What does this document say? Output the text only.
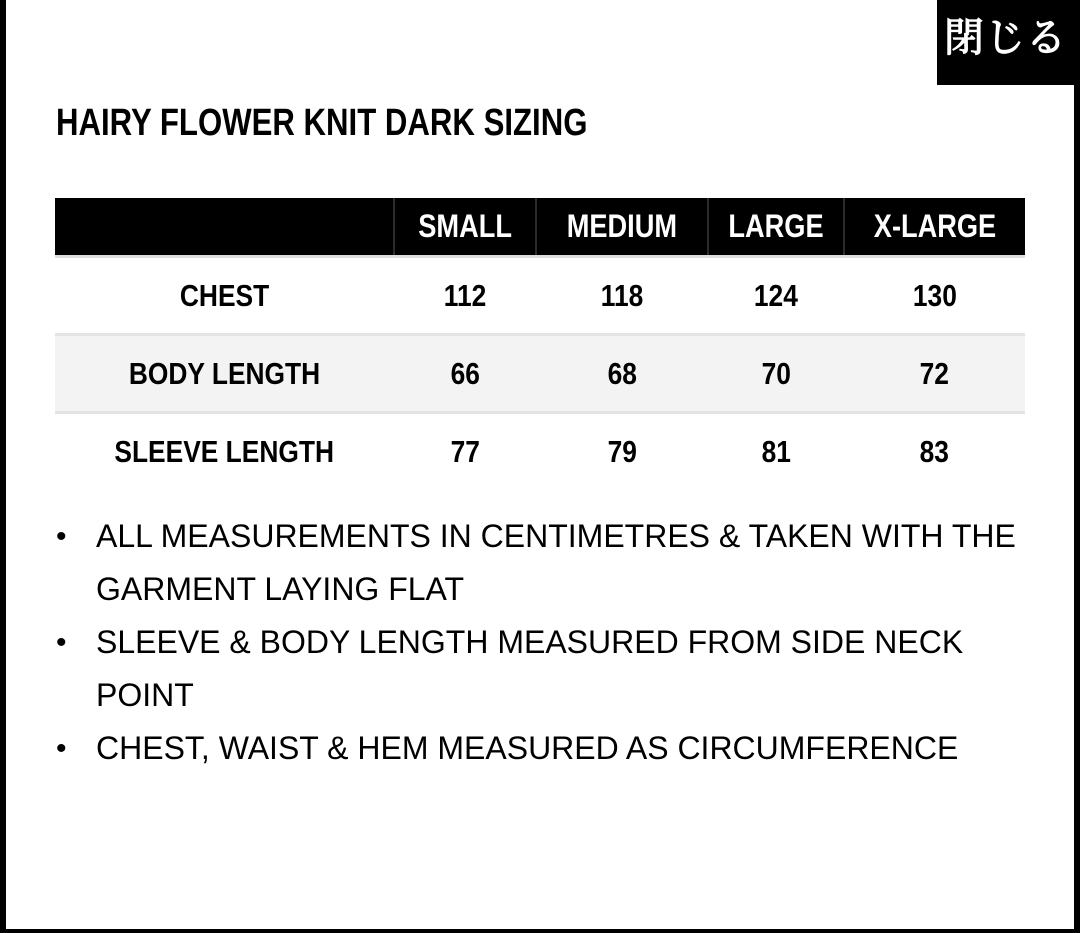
閉じる
HAIRY FLOWER KNIT DARK SIZING
	SMALL	MEDIUM	LARGE	X-LARGE
CHEST	112	118	124	130
BODY LENGTH	66	68	70	72
SLEEVE LENGTH	77	79	81	83
• ALL MEASUREMENTS IN CENTIMETRES & TAKEN WITH THE GARMENT LAYING FLAT
• SLEEVE & BODY LENGTH MEASURED FROM SIDE NECK POINT
• CHEST, WAIST & HEM MEASURED AS CIRCUMFERENCE
